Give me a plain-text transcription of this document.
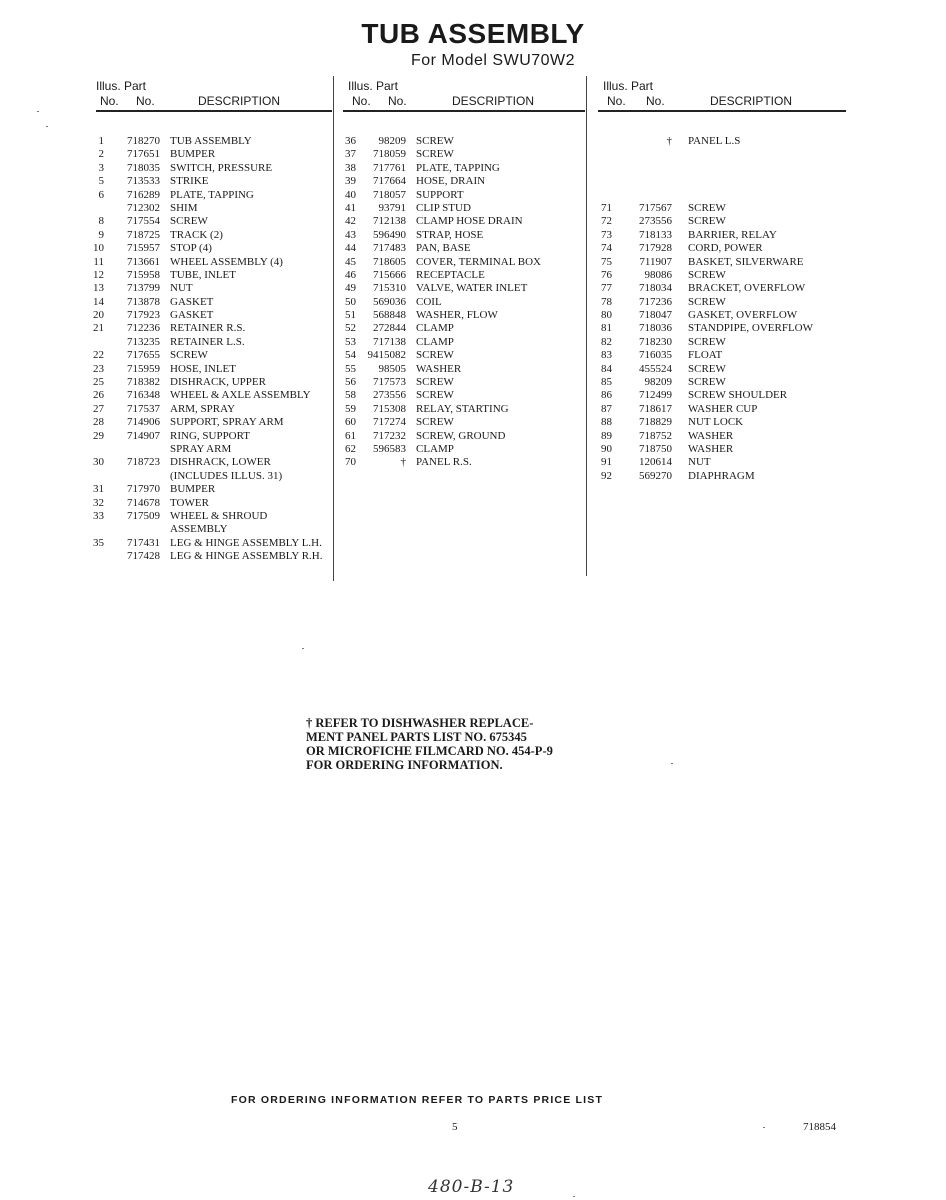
TUB ASSEMBLY
For Model SWU70W2
Illus. Part
No. No.	DESCRIPTION
1	718270 TUB ASSEMBLY
2	717651 BUMPER
3	718035 SWITCH, PRESSURE
5	713533 STRIKE
6	716289 PLATE, TAPPING
712302 SHIM
8	717554 SCREW
9	718725 TRACK (2)
10	715957 STOP (4)
11	713661 WHEEL ASSEMBLY (4)
12	715958 TUBE, INLET
13	713799 NUT
14	713878 GASKET
20	717923 GASKET
21	712236 RETAINER R.S.
713235 RETAINER L.S.
22	717655 SCREW
23	715959 HOSE, INLET
25	718382 DISHRACK, UPPER
26	716348 WHEEL & AXLE ASSEMBLY
27	717537 ARM, SPRAY
28	714906 SUPPORT, SPRAY ARM
29	714907 RING, SUPPORT
SPRAY ARM
30	718723 DISHRACK, LOWER
(INCLUDES ILLUS. 31)
31	717970 BUMPER
32	714678 TOWER
33	717509 WHEEL & SHROUD
ASSEMBLY
35	717431 LEG & HINGE ASSEMBLY L.H.
717428 LEG & HINGE ASSEMBLY R.H.
Illus. Part
No. No.	DESCRIPTION
36	98209 SCREW
37	718059 SCREW
38	717761 PLATE, TAPPING
39	717664 HOSE, DRAIN
40	718057 SUPPORT
41	93791 CLIP STUD
42	712138 CLAMP HOSE DRAIN
43	596490 STRAP, HOSE
44	717483 PAN, BASE
45	718605 COVER, TERMINAL BOX
46	715666 RECEPTACLE
49	715310 VALVE, WATER INLET
50	569036 COIL
51	568848 WASHER, FLOW
52	272844 CLAMP
53	717138 CLAMP
54	9415082 SCREW
55	98505 WASHER
56	717573 SCREW
58	273556 SCREW
59	715308 RELAY, STARTING
60	717274 SCREW
61	717232 SCREW, GROUND
62	596583 CLAMP
70	† PANEL R.S.
Illus. Part
No. No.	DESCRIPTION
† PANEL L.S
71	717567 SCREW
72	273556 SCREW
73	718133 BARRIER, RELAY
74	717928 CORD, POWER
75	711907 BASKET, SILVERWARE
76	98086 SCREW
77	718034 BRACKET, OVERFLOW
78	717236 SCREW
80	718047 GASKET, OVERFLOW
81	718036 STANDPIPE, OVERFLOW
82	718230 SCREW
83	716035 FLOAT
84	455524 SCREW
85	98209 SCREW
86	712499 SCREW SHOULDER
87	718617 WASHER CUP
88	718829 NUT LOCK
89	718752 WASHER
90	718750 WASHER
91	120614 NUT
92	569270 DIAPHRAGM
† REFER TO DISHWASHER REPLACE-
MENT PANEL PARTS LIST NO. 675345
OR MICROFICHE FILMCARD NO. 454-P-9
FOR ORDERING INFORMATION.
FOR ORDERING INFORMATION REFER TO PARTS PRICE LIST
5	718854
480-B-13
